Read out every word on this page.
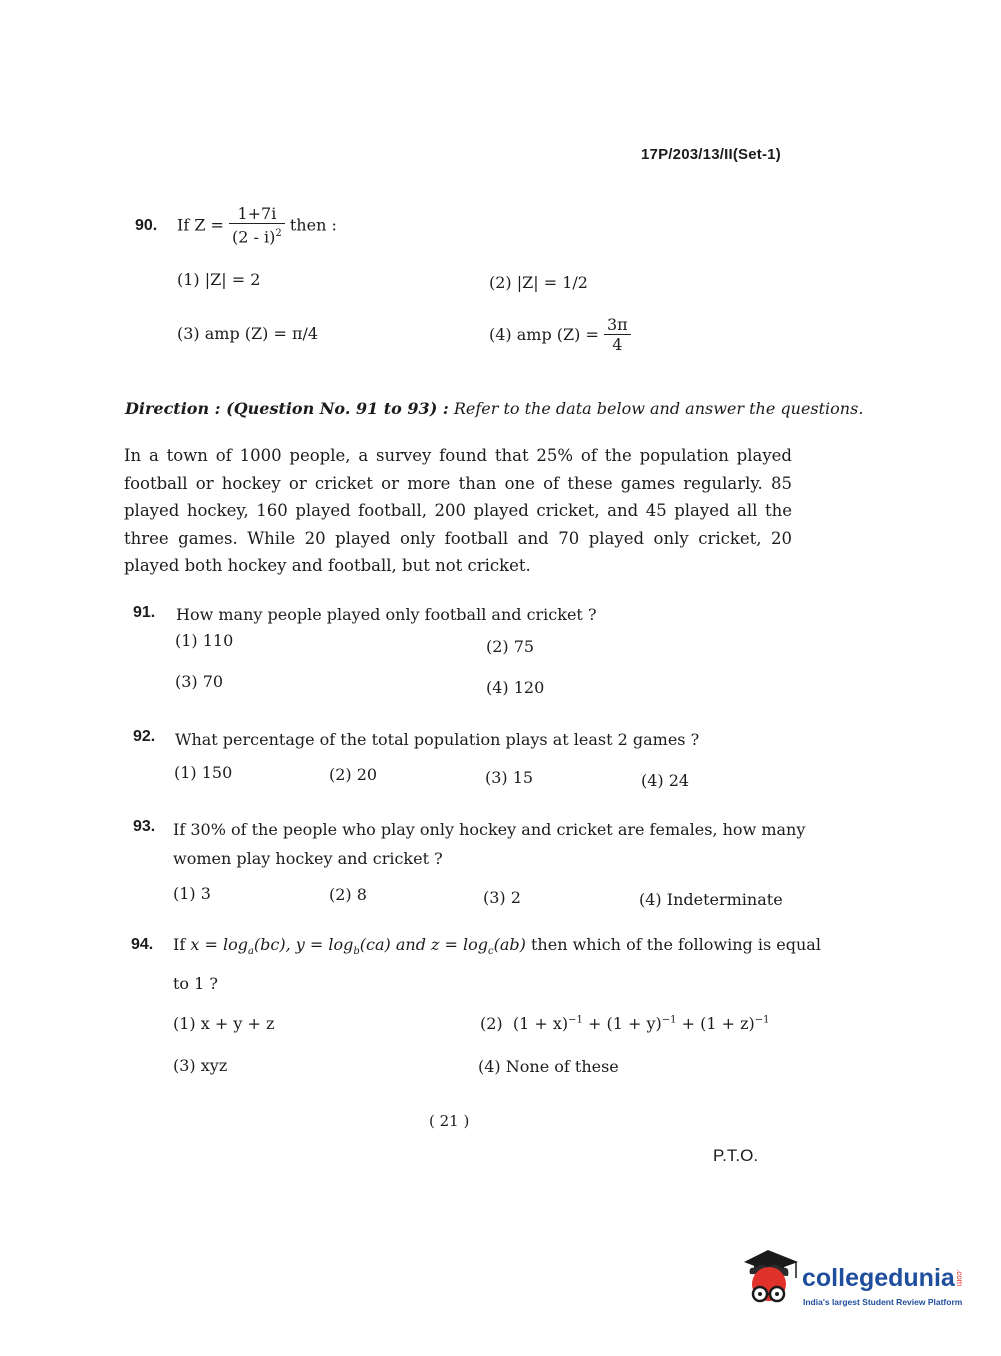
17P/203/13/II(Set-1)
90. If $Z = \frac{1+7i}{(2 - i)^2}$ then :
(1) |Z| = 2	(2) |Z| = 1/2
(3) amp (Z) = π/4	(4) amp $(Z) = \frac{3\pi}{4}$
Direction : (Question No. 91 to 93) : Refer to the data below and answer the questions.
In a town of 1000 people, a survey found that 25% of the population played football or hockey or cricket or more than one of these games regularly. 85 played hockey, 160 played football, 200 played cricket, and 45 played all the three games. While 20 played only football and 70 played only cricket, 20 played both hockey and football, but not cricket.
91. How many people played only football and cricket ?
(1) 110	(2) 75
(3) 70	(4) 120
92. What percentage of the total population plays at least 2 games ?
(1) 150	(2) 20	(3) 15	(4) 24
93. If 30% of the people who play only hockey and cricket are females, how many
women play hockey and cricket ?
(1) 3	(2) 8	(3) 2	(4) Indeterminate
94. If $x = \log_a(bc)$, $y = \log_b(ca)$ and $z = \log_c(ab)$ then which of the following is equal
to 1 ?
(1) x + y + z	(2) $(1 + x)^{-1} + (1 + y)^{-1} + (1 + z)^{-1}$
(3) xyz	(4) None of these
( 21 )
P.T.O.
collegedunia.com
India's largest Student Review Platform
